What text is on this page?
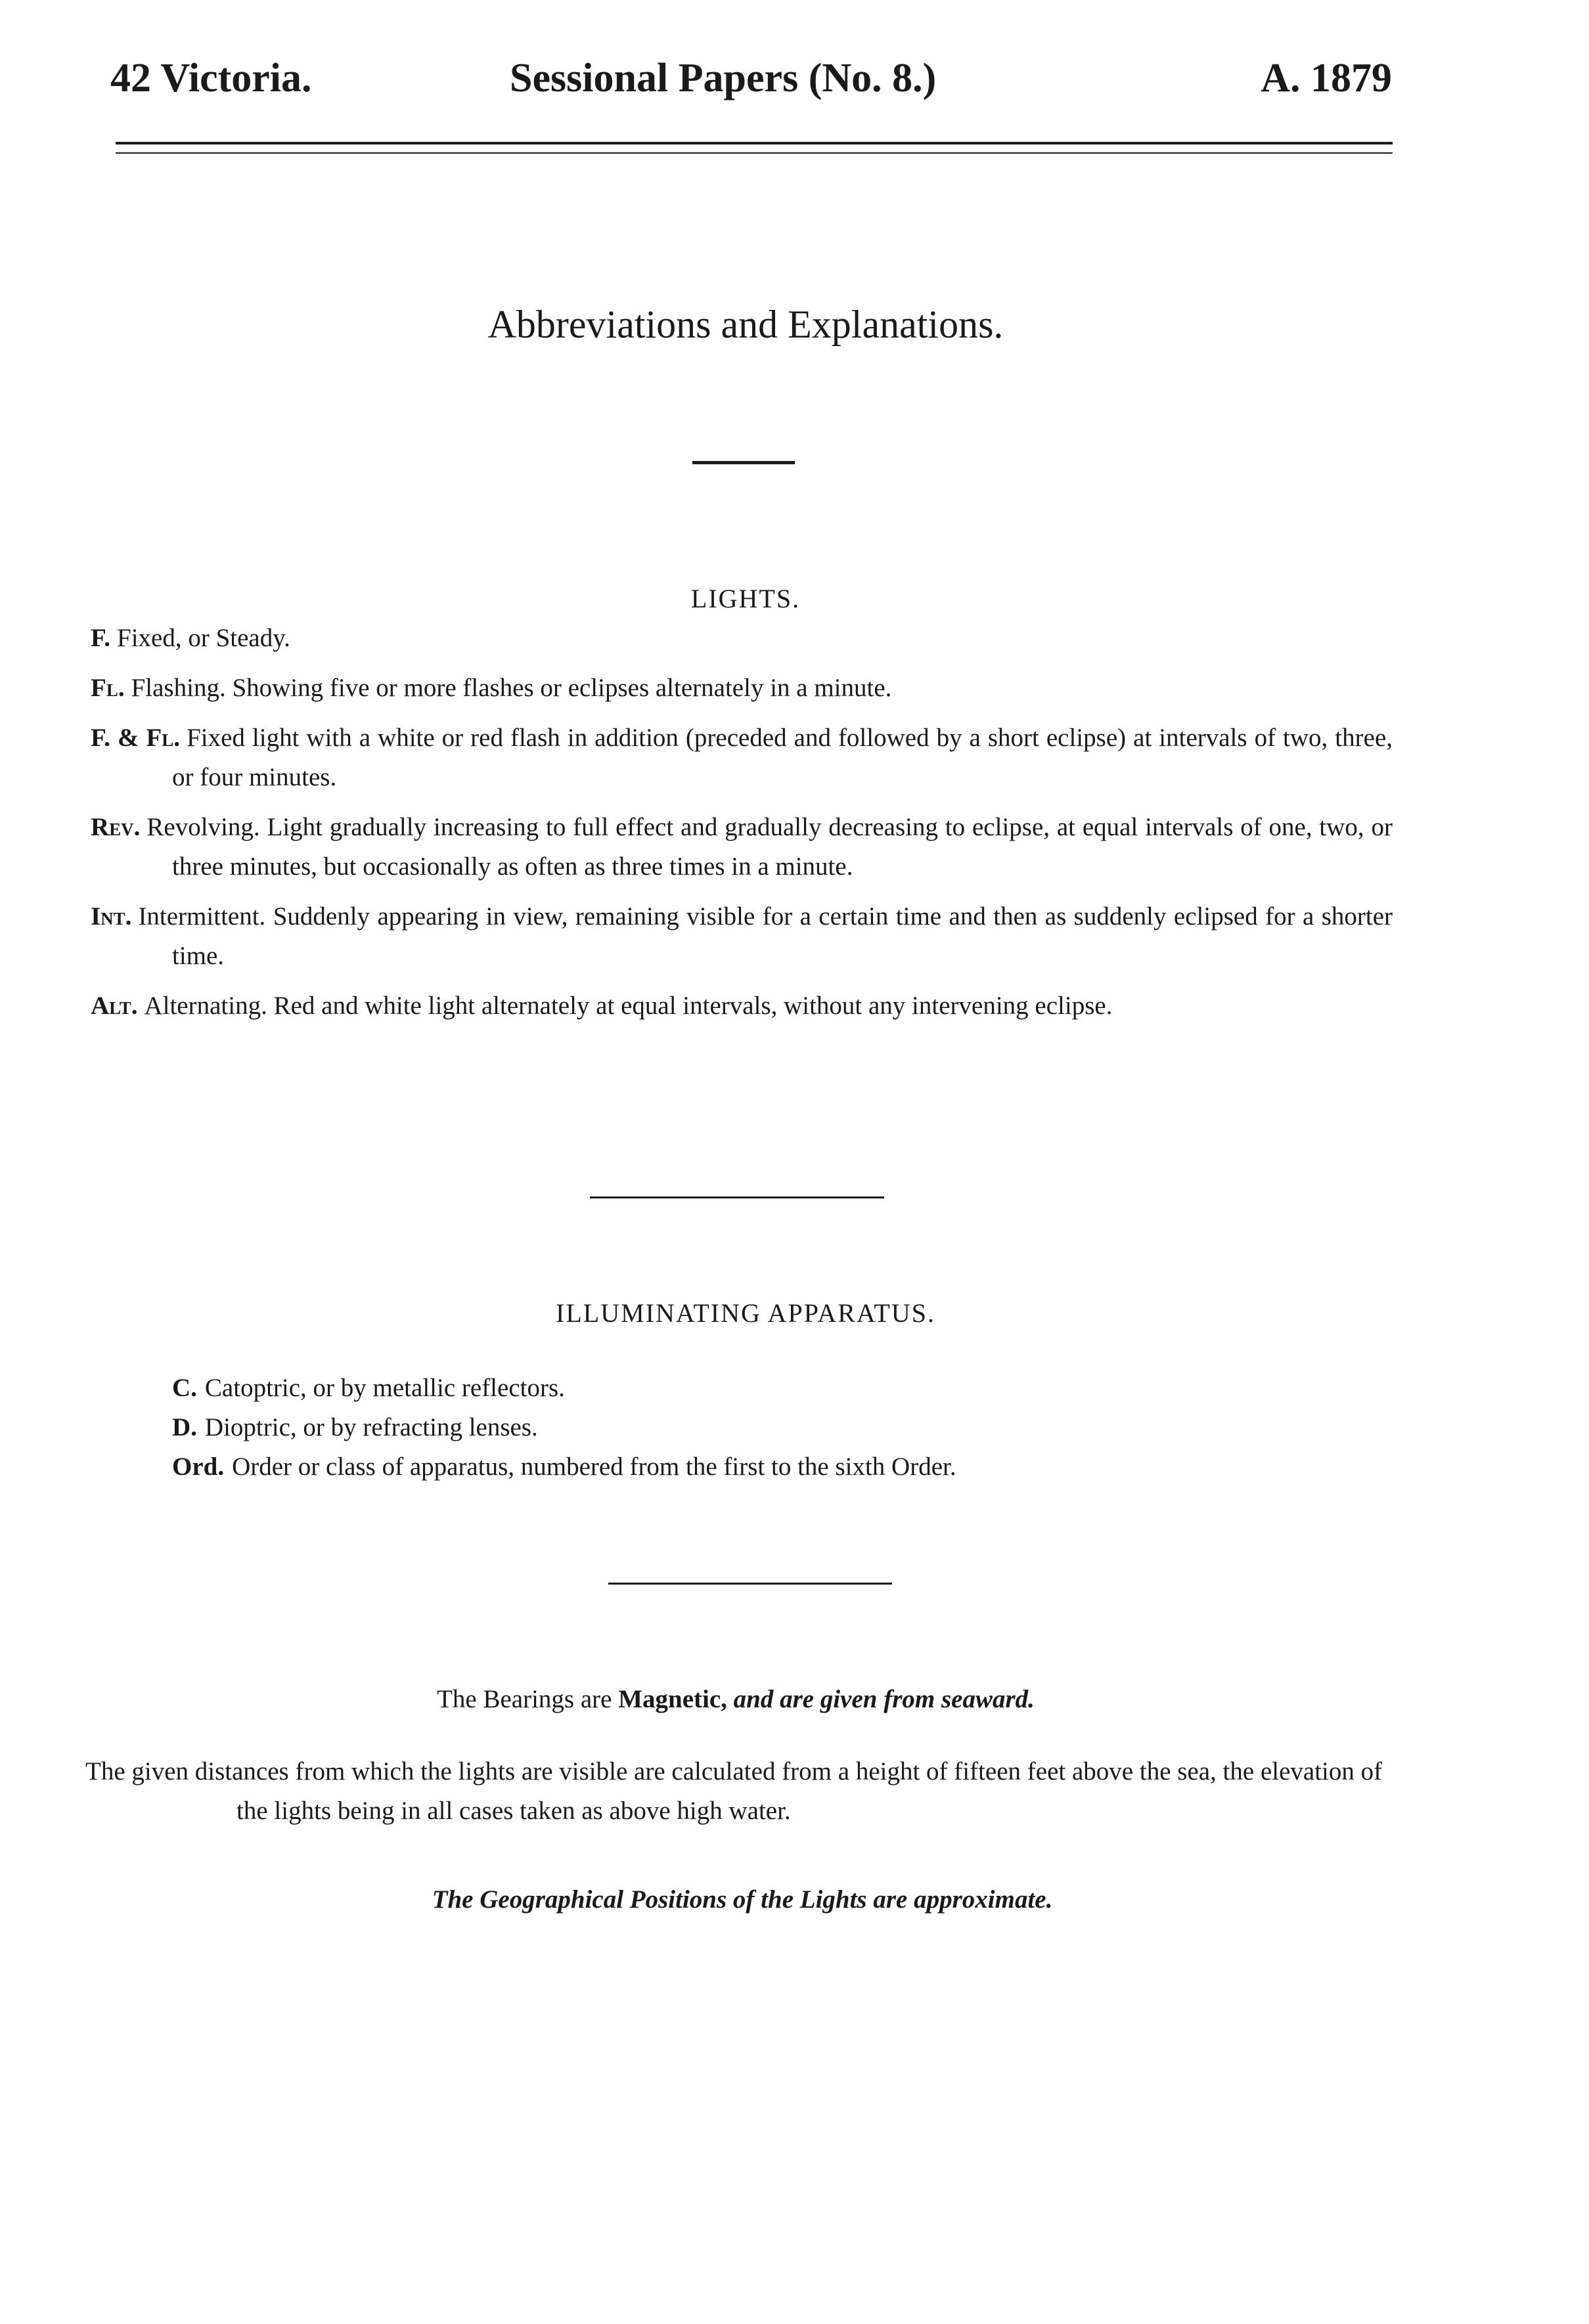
42 Victoria.	Sessional Papers (No. 8.)	A. 1879
Abbreviations and Explanations.
LIGHTS.
F. Fixed, or Steady.
Fl. Flashing. Showing five or more flashes or eclipses alternately in a minute.
F. & Fl. Fixed light with a white or red flash in addition (preceded and followed by a short eclipse) at intervals of two, three, or four minutes.
Rev. Revolving. Light gradually increasing to full effect and gradually decreasing to eclipse, at equal intervals of one, two, or three minutes, but occasionally as often as three times in a minute.
Int. Intermittent. Suddenly appearing in view, remaining visible for a certain time and then as suddenly eclipsed for a shorter time.
Alt. Alternating. Red and white light alternately at equal intervals, without any intervening eclipse.
ILLUMINATING APPARATUS.
C. Catoptric, or by metallic reflectors.
D. Dioptric, or by refracting lenses.
Ord. Order or class of apparatus, numbered from the first to the sixth Order.
The Bearings are Magnetic, and are given from seaward.
The given distances from which the lights are visible are calculated from a height of fifteen feet above the sea, the elevation of the lights being in all cases taken as above high water.
The Geographical Positions of the Lights are approximate.
